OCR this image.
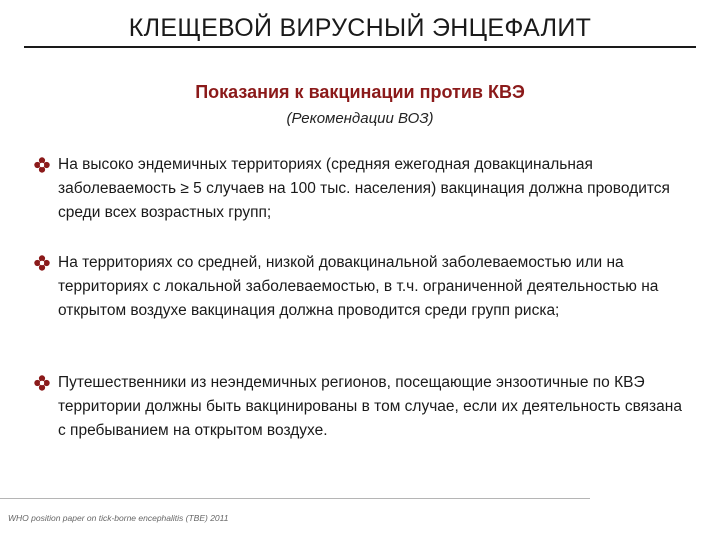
КЛЕЩЕВОЙ ВИРУСНЫЙ ЭНЦЕФАЛИТ
Показания к вакцинации против КВЭ
(Рекомендации ВОЗ)
На высоко эндемичных территориях (средняя ежегодная довакцинальная заболеваемость ≥ 5 случаев на 100 тыс. населения) вакцинация должна проводится среди всех возрастных групп;
На территориях со средней, низкой довакцинальной заболеваемостью или на территориях с локальной заболеваемостью, в т.ч. ограниченной деятельностью на открытом воздухе вакцинация должна проводится среди групп риска;
Путешественники из неэндемичных регионов, посещающие энзоотичные по КВЭ территории должны быть вакцинированы в том случае, если их деятельность связана с пребыванием на открытом воздухе.
WHO position paper on tick-borne encephalitis (TBE) 2011
